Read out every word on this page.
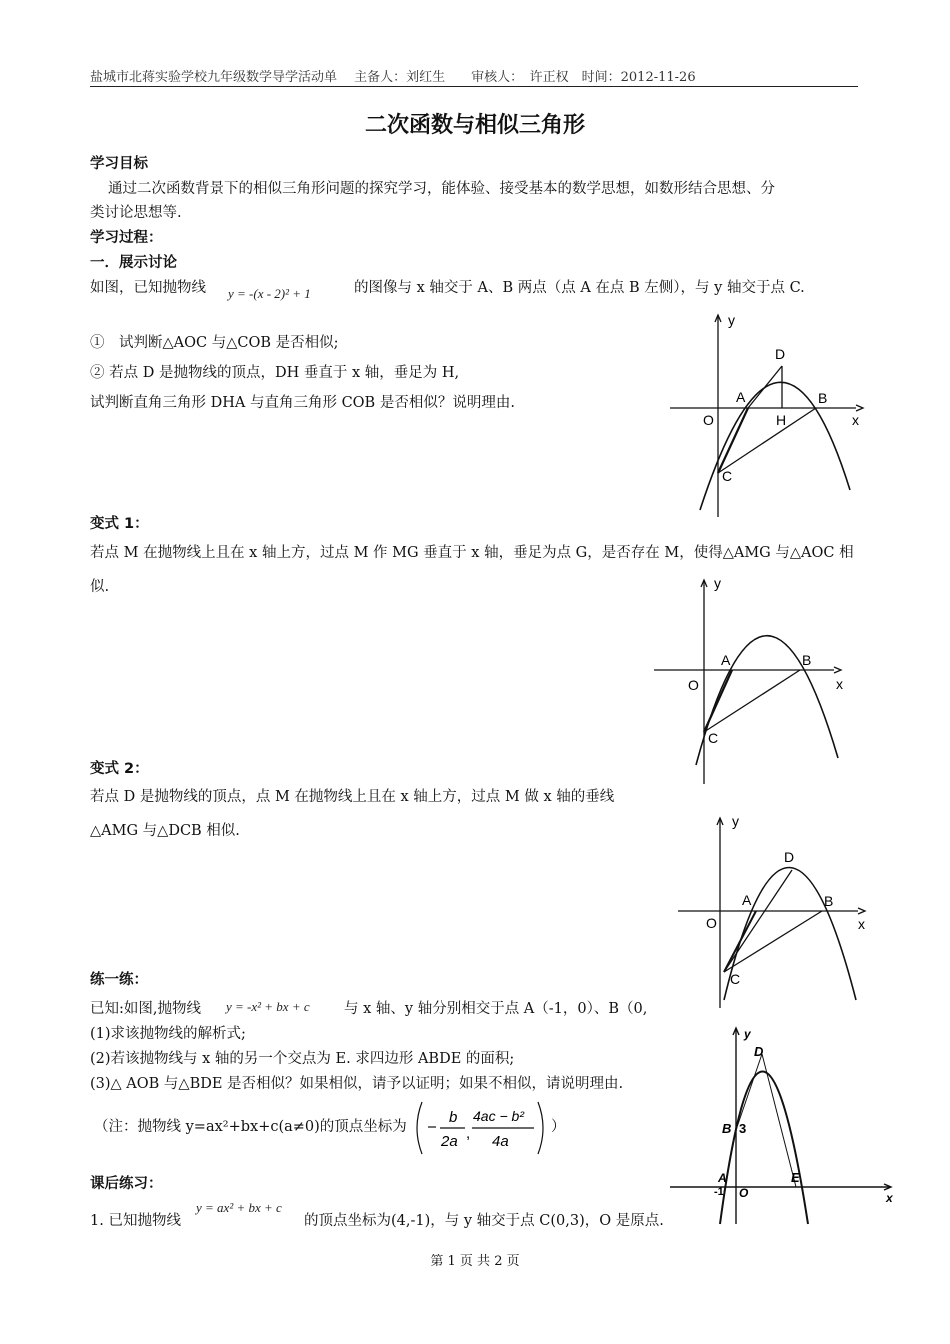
盐城市北蒋实验学校九年级数学导学活动单　 主备人：刘红生　　审核人：　许正权　时间：2012-11-26
二次函数与相似三角形
学习目标
通过二次函数背景下的相似三角形问题的探究学习，能体验、接受基本的数学思想，如数形结合思想、分
类讨论思想等.
学习过程：
一．展示讨论
如图，已知抛物线 y = -(x - 2)² + 1	的图像与 x 轴交于 A、B 两点（点 A 在点 B 左侧），与 y 轴交于点 C.
①　试判断△AOC 与△COB 是否相似;
② 若点 D 是抛物线的顶点，DH 垂直于 x 轴，垂足为 H,
试判断直角三角形 DHA 与直角三角形 COB 是否相似？说明理由.
y
x
O
A	B
C
D
H
变式 1：
若点 M 在抛物线上且在 x 轴上方，过点 M 作 MG 垂直于 x 轴，垂足为点 G，是否存在 M，使得△AMG 与△AOC 相
似.	y
x
O
A	B
C
变式 2：
若点 D 是抛物线的顶点，点 M 在抛物线上且在 x 轴上方，过点 M 做 x 轴的垂线
△AMG 与△DCB 相似.
y
x
O
A	B
C
D
练一练：
已知:如图,抛物线 y = -x² + bx + c 与 x 轴、y 轴分别相交于点 A（-1，0）、B（0,
(1)求该抛物线的解析式;
(2)若该抛物线与 x 轴的另一个交点为 E. 求四边形 ABDE 的面积;
(3)△ AOB 与△BDE 是否相似？如果相似，请予以证明；如果不相似，请说明理由.
（注：抛物线 y=ax²+bx+c(a≠0)的顶点坐标为
b
2a ,
4ac − b²
4a
）
y
x
D
B 3
A
-1 O
E
课后练习：
1. 已知抛物线
y = ax² + bx + c
的顶点坐标为(4,-1)，与 y 轴交于点 C(0,3)，O 是原点.
第 1 页 共 2 页
